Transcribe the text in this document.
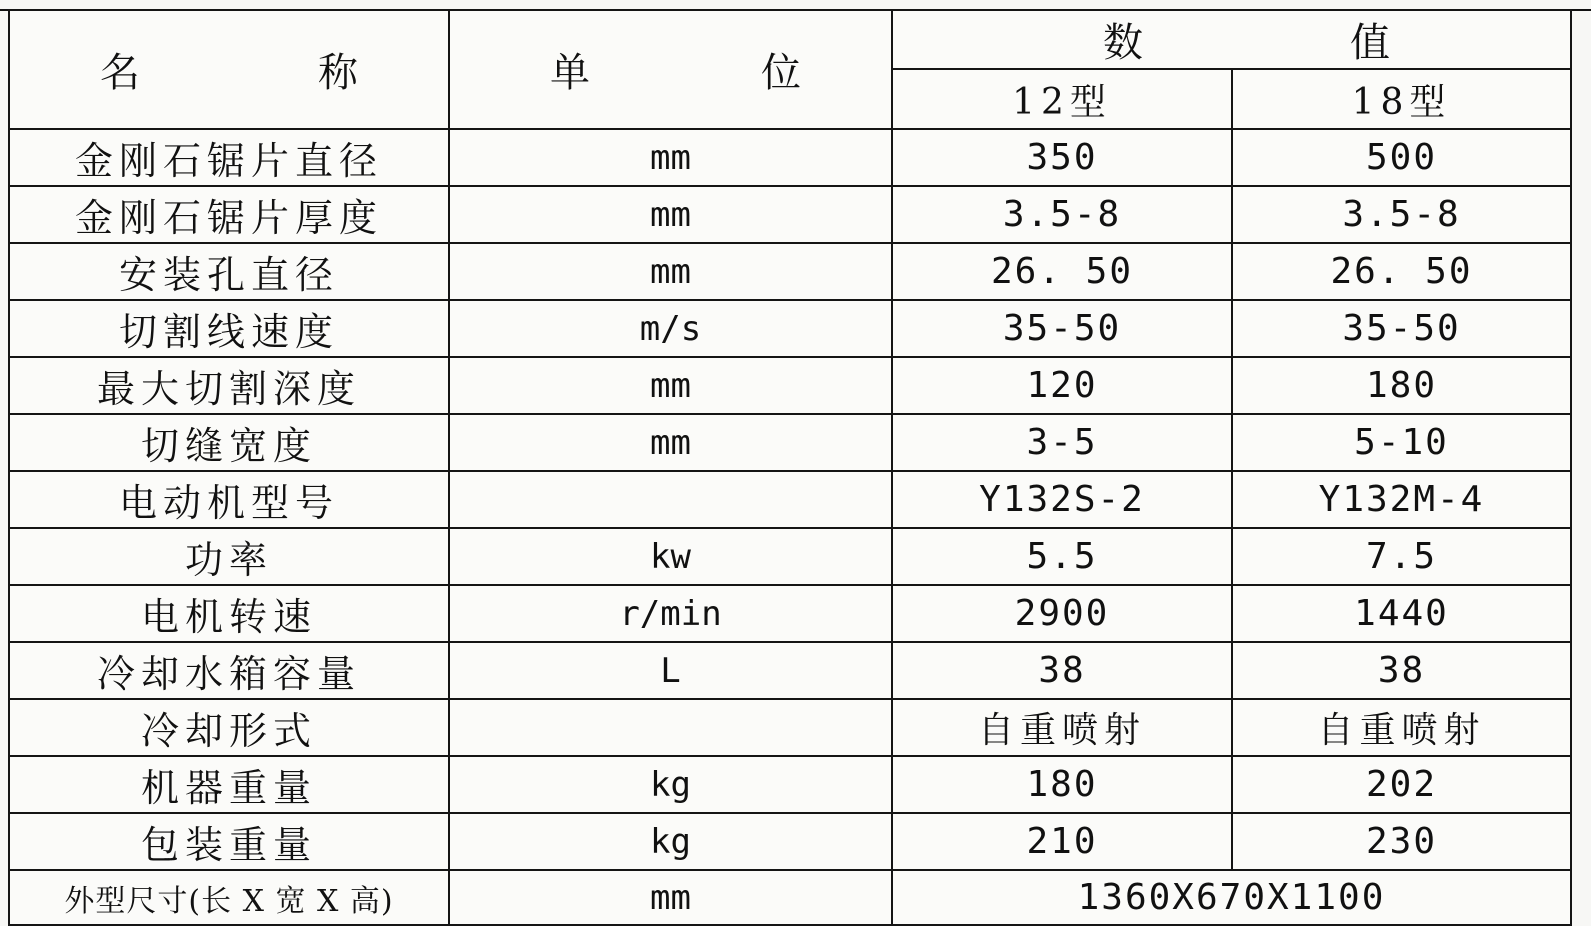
名 称	单 位	数 值	

		12型	18型
金刚石锯片直径	mm	350	500
金刚石锯片厚度	mm	3.5-8	3.5-8
安装孔直径	mm	26. 50	26. 50
切割线速度	m/s	35-50	35-50
最大切割深度	mm	120	180
切缝宽度	mm	3-5	5-10
电动机型号		Y132S-2	Y132M-4
功率	kw	5.5	7.5
电机转速	r/min	2900	1440
冷却水箱容量	L	38	38
冷却形式		自重喷射	自重喷射
机器重量	kg	180	202
包装重量	kg	210	230
外型尺寸(长 X 宽 X 高)	mm	1360X670X1100	
